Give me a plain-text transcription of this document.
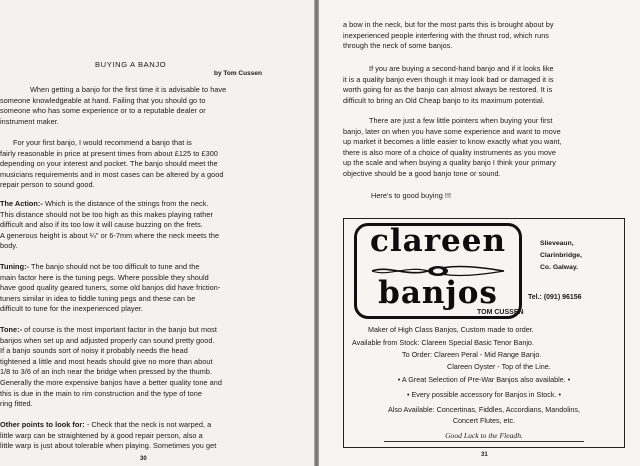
BUYING A BANJO

by Tom Cussen

When getting a banjo for the first time it is advisable to have
someone knowledgeable at hand. Failing that you should go to
someone who has some experience or to a reputable dealer or
instrument maker.
For your first banjo, I would recommend a banjo that is
fairly reasonable in price at present times from about £125 to £300
depending on your interest and pocket. The banjo should meet the
musicians requirements and in most cases can be altered by a good
repair person to sound good.
The Action:- Which is the distance of the strings from the neck.
This distance should not be too high as this makes playing rather
difficult and also if its too low it will cause buzzing on the frets.
A generous height is about ¼" or 6-7mm where the neck meets the
body.
Tuning:- The banjo should not be too difficult to tune and the
main factor here is the tuning pegs. Where possible they should
have good quality geared tuners, some old banjos did have friction-
tuners similar in idea to fiddle tuning pegs and these can be
difficult to tune for the inexperienced player.
Tone:- of course is the most important factor in the banjo but most
banjos when set up and adjusted properly can sound pretty good.
If a banjo sounds sort of noisy it probably needs the head
tightened a little and most heads should give no more than about
1/8 to 3/6 of an inch near the bridge when pressed by the thumb.
Generally the more expensive banjos have a better quality tone and
this is due in the main to rim construction and the type of tone
ring fitted.
Other points to look for: - Check that the neck is not warped, a
little warp can be straightened by a good repair person, also a
little warp is just about tolerable when playing. Sometimes you get
30
a bow in the neck, but for the most parts this is brought about by
inexperienced people interfering with the thrust rod, which runs
through the neck of some banjos.
If you are buying a second-hand banjo and if it looks like
it is a quality banjo even though it may look bad or damaged it is
worth going for as the banjo can almost always be restored. It is
difficult to bring an Old Cheap banjo to its maximum potential.
There are just a few little pointers when buying your first
banjo, later on when you have some experience and want to move
up market it becomes a little easier to know exactly what you want,
there is also more of a choice of quality instruments as you move
up the scale and when buying a quality banjo I think your primary
objective should be a good banjo tone or sound.
Here's to good buying !!!

clareen

banjos

Slieveaun,
Clarinbridge,
Co. Galway.

Tel.: (091) 96156

TOM CUSSEN

Maker of High Class Banjos, Custom made to order.

Available from Stock: Clareen Special Basic Tenor Banjo.

To Order: Clareen Peral - Mid Range Banjo.

Clareen Oyster - Top of the Line.

• A Great Selection of Pre-War Banjos also available. •

• Every possible accessory for Banjos in Stock. •

Also Available: Concertinas, Fiddles, Accordians, Mandolins,

Concert Flutes, etc.

Good Luck to the Fleadh.

31
